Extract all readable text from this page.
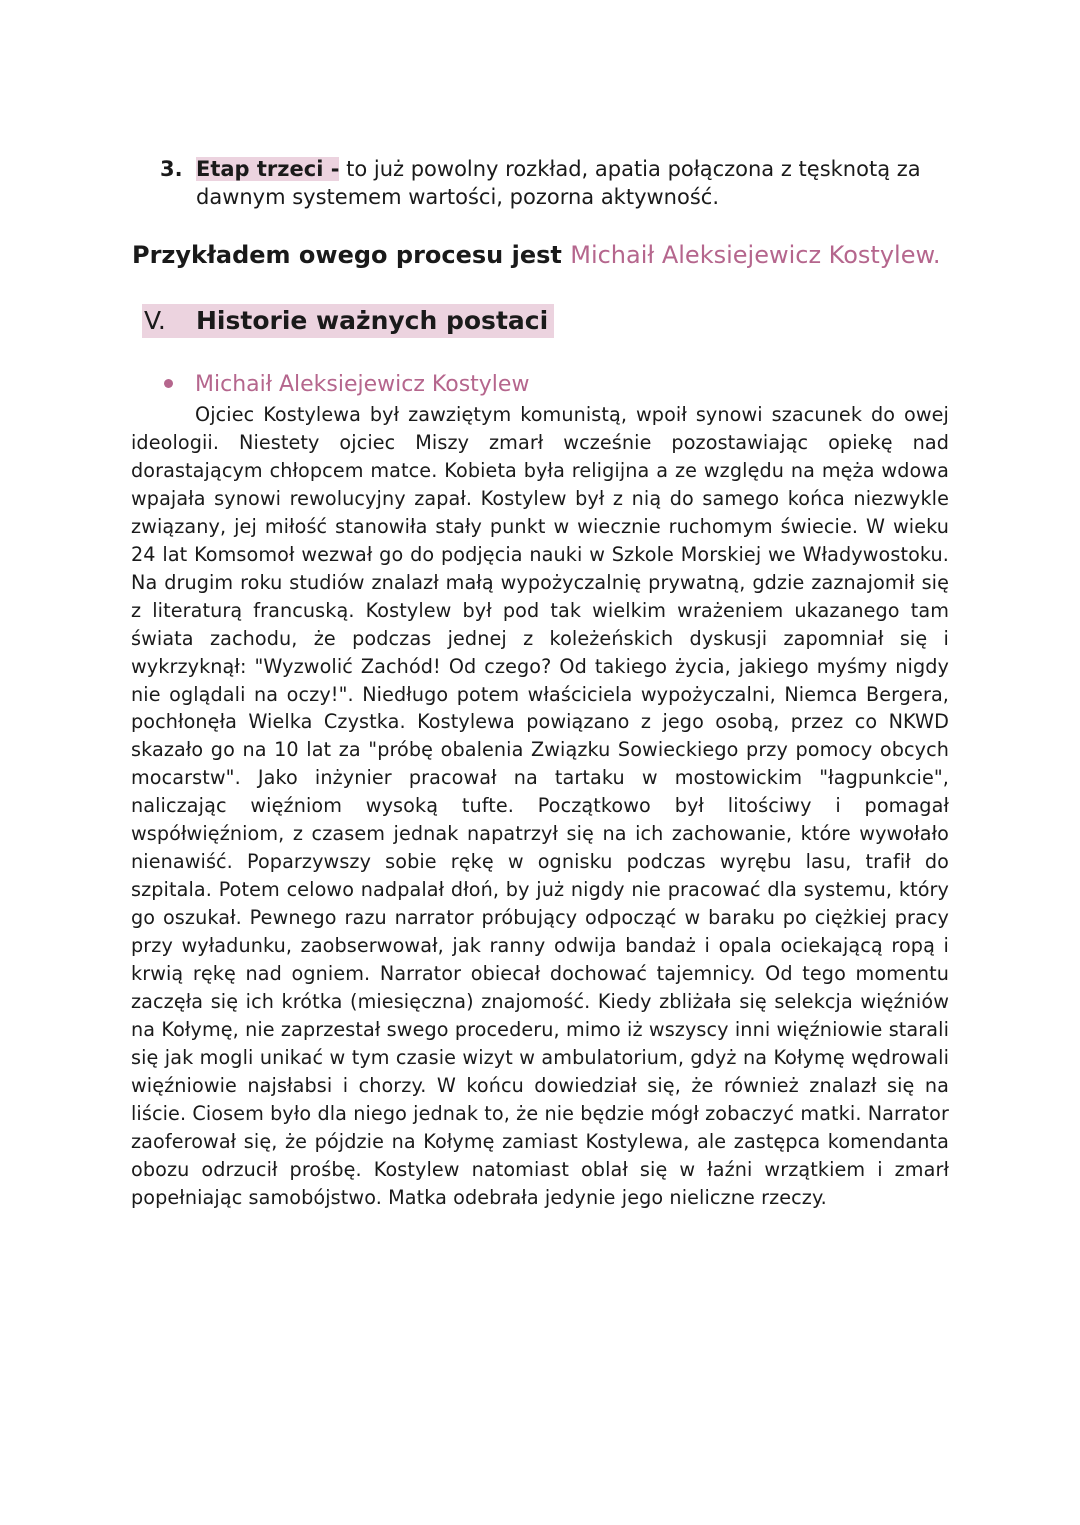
3. Etap trzeci - to już powolny rozkład, apatia połączona z tęsknotą za dawnym systemem wartości, pozorna aktywność.
Przykładem owego procesu jest Michaił Aleksiejewicz Kostylew.
V. Historie ważnych postaci
Michaił Aleksiejewicz Kostylew
Ojciec Kostylewa był zawziętym komunistą, wpoił synowi szacunek do owej ideologii. Niestety ojciec Miszy zmarł wcześnie pozostawiając opiekę nad dorastającym chłopcem matce. Kobieta była religijna a ze względu na męża wdowa wpajała synowi rewolucyjny zapał. Kostylew był z nią do samego końca niezwykle związany, jej miłość stanowiła stały punkt w wiecznie ruchomym świecie. W wieku 24 lat Komsomoł wezwał go do podjęcia nauki w Szkole Morskiej we Władywostoku. Na drugim roku studiów znalazł małą wypożyczalnię prywatną, gdzie zaznajomił się z literaturą francuską. Kostylew był pod tak wielkim wrażeniem ukazanego tam świata zachodu, że podczas jednej z koleżeńskich dyskusji zapomniał się i wykrzyknął: "Wyzwolić Zachód! Od czego? Od takiego życia, jakiego myśmy nigdy nie oglądali na oczy!". Niedługo potem właściciela wypożyczalni, Niemca Bergera, pochłonęła Wielka Czystka. Kostylewa powiązano z jego osobą, przez co NKWD skazało go na 10 lat za "próbę obalenia Związku Sowieckiego przy pomocy obcych mocarstw". Jako inżynier pracował na tartaku w mostowickim "łagpunkcie", naliczając więźniom wysoką tufte. Początkowo był litościwy i pomagał współwięźniom, z czasem jednak napatrzył się na ich zachowanie, które wywołało nienawiść. Poparzywszy sobie rękę w ognisku podczas wyrębu lasu, trafił do szpitala. Potem celowo nadpalał dłoń, by już nigdy nie pracować dla systemu, który go oszukał. Pewnego razu narrator próbujący odpocząć w baraku po ciężkiej pracy przy wyładunku, zaobserwował, jak ranny odwija bandaż i opala ociekającą ropą i krwią rękę nad ogniem. Narrator obiecał dochować tajemnicy. Od tego momentu zaczęła się ich krótka (miesięczna) znajomość. Kiedy zbliżała się selekcja więźniów na Kołymę, nie zaprzestał swego procederu, mimo iż wszyscy inni więźniowie starali się jak mogli unikać w tym czasie wizyt w ambulatorium, gdyż na Kołymę wędrowali więźniowie najsłabsi i chorzy. W końcu dowiedział się, że również znalazł się na liście. Ciosem było dla niego jednak to, że nie będzie mógł zobaczyć matki. Narrator zaoferował się, że pójdzie na Kołymę zamiast Kostylewa, ale zastępca komendanta obozu odrzucił prośbę. Kostylew natomiast oblał się w łaźni wrzątkiem i zmarł popełniając samobójstwo. Matka odebrała jedynie jego nieliczne rzeczy.
